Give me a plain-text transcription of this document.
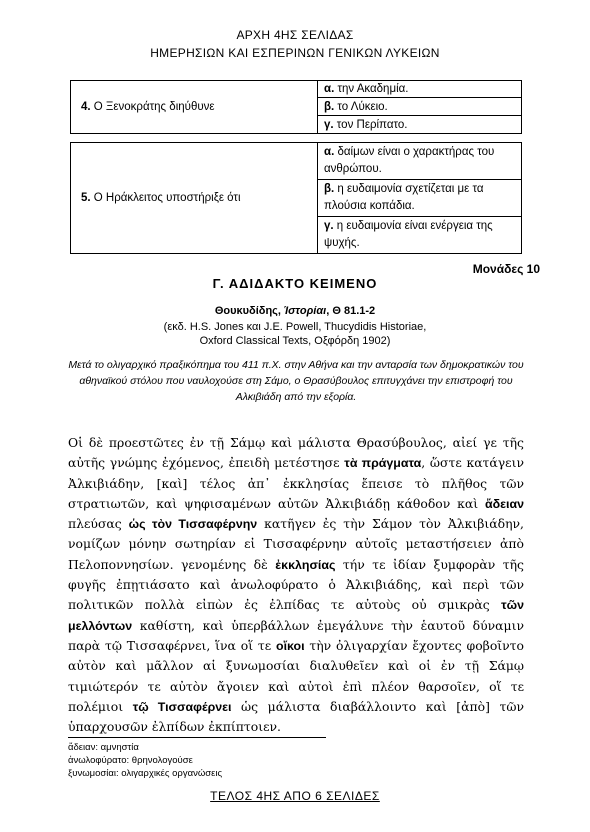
ΑΡΧΗ 4ΗΣ ΣΕΛΙΔΑΣ
ΗΜΕΡΗΣΙΩΝ ΚΑΙ ΕΣΠΕΡΙΝΩΝ ΓΕΝΙΚΩΝ ΛΥΚΕΙΩΝ
4. Ο Ξενοκράτης διηύθυνε	α. την Ακαδημία.
β. το Λύκειο.
γ. τον Περίπατο.
5. Ο Ηράκλειτος υποστήριξε ότι	α. δαίμων είναι ο χαρακτήρας του ανθρώπου.
β. η ευδαιμονία σχετίζεται με τα πλούσια κοπάδια.
γ. η ευδαιμονία είναι ενέργεια της ψυχής.
Μονάδες 10
Γ. ΑΔΙΔΑΚΤΟ ΚΕΙΜΕΝΟ
Θουκυδίδης, Ἱστορίαι, Θ 81.1-2
(εκδ. H.S. Jones και J.E. Powell, Thucydidis Historiae,
Oxford Classical Texts, Οξφόρδη 1902)
Μετά το ολιγαρχικό πραξικόπημα του 411 π.Χ. στην Αθήνα και την ανταρσία των δημοκρατικών του αθηναϊκού στόλου που ναυλοχούσε στη Σάμο, ο Θρασύβουλος επιτυγχάνει την επιστροφή του Αλκιβιάδη από την εξορία.
Οἱ δὲ προεστῶτες ἐν τῇ Σάμῳ καὶ μάλιστα Θρασύβουλος, αἰεί γε τῆς αὐτῆς γνώμης ἐχόμενος, ἐπειδὴ μετέστησε τὰ πράγματα, ὥστε κατάγειν Ἀλκιβιάδην, [καὶ] τέλος ἀπ᾽ ἐκκλησίας ἔπεισε τὸ πλῆθος τῶν στρατιωτῶν, καὶ ψηφισαμένων αὐτῶν Ἀλκιβιάδῃ κάθοδον καὶ ἄδειαν πλεύσας ὡς τὸν Τισσαφέρνην κατῆγεν ἐς τὴν Σάμον τὸν Ἀλκιβιάδην, νομίζων μόνην σωτηρίαν εἰ Τισσαφέρνην αὐτοῖς μεταστήσειεν ἀπὸ Πελοποννησίων. γενομένης δὲ ἐκκλησίας τήν τε ἰδίαν ξυμφορὰν τῆς φυγῆς ἐπῃτιάσατο καὶ ἀνωλοφύρατο ὁ Ἀλκιβιάδης, καὶ περὶ τῶν πολιτικῶν πολλὰ εἰπὼν ἐς ἐλπίδας τε αὐτοὺς οὐ σμικρὰς τῶν μελλόντων καθίστη, καὶ ὑπερβάλλων ἐμεγάλυνε τὴν ἑαυτοῦ δύναμιν παρὰ τῷ Τισσαφέρνει, ἵνα οἵ τε οἴκοι τὴν ὀλιγαρχίαν ἔχοντες φοβοῖντο αὐτὸν καὶ μᾶλλον αἱ ξυνωμοσίαι διαλυθεῖεν καὶ οἱ ἐν τῇ Σάμῳ τιμιώτερόν τε αὐτὸν ἄγοιεν καὶ αὐτοὶ ἐπὶ πλέον θαρσοῖεν, οἵ τε πολέμιοι τῷ Τισσαφέρνει ὡς μάλιστα διαβάλλοιντο καὶ [ἀπὸ] τῶν ὑπαρχουσῶν ἐλπίδων ἐκπίπτοιεν.
ἄδειαν: αμνηστία
ἀνωλοφύρατο: θρηνολογούσε
ξυνωμοσίαι: ολιγαρχικές οργανώσεις
ΤΕΛΟΣ 4ΗΣ ΑΠΟ 6 ΣΕΛΙΔΕΣ
